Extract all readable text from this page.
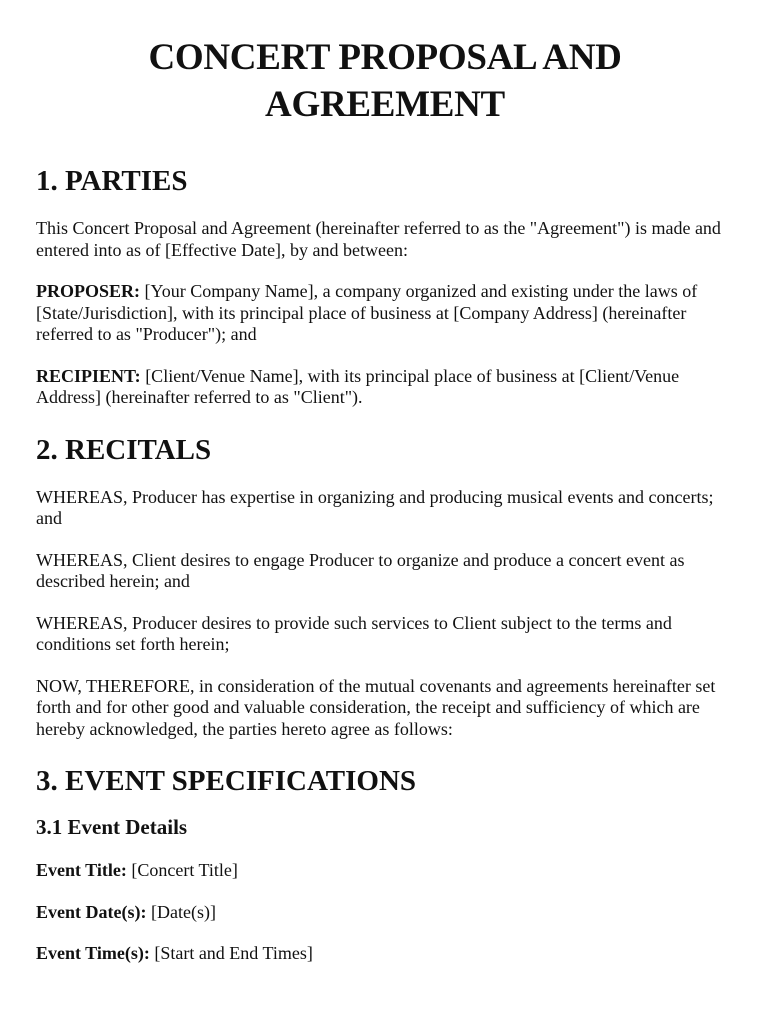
CONCERT PROPOSAL AND
AGREEMENT
1. PARTIES

This Concert Proposal and Agreement (hereinafter referred to as the "Agreement") is made and entered into as of [Effective Date], by and between:

PROPOSER: [Your Company Name], a company organized and existing under the laws of [State/Jurisdiction], with its principal place of business at [Company Address] (hereinafter referred to as "Producer"); and

RECIPIENT: [Client/Venue Name], with its principal place of business at [Client/Venue Address] (hereinafter referred to as "Client").

2. RECITALS

WHEREAS, Producer has expertise in organizing and producing musical events and concerts; and

WHEREAS, Client desires to engage Producer to organize and produce a concert event as described herein; and

WHEREAS, Producer desires to provide such services to Client subject to the terms and conditions set forth herein;

NOW, THEREFORE, in consideration of the mutual covenants and agreements hereinafter set forth and for other good and valuable consideration, the receipt and sufficiency of which are hereby acknowledged, the parties hereto agree as follows:

3. EVENT SPECIFICATIONS
3.1 Event Details

Event Title: [Concert Title]

Event Date(s): [Date(s)]

Event Time(s): [Start and End Times]
